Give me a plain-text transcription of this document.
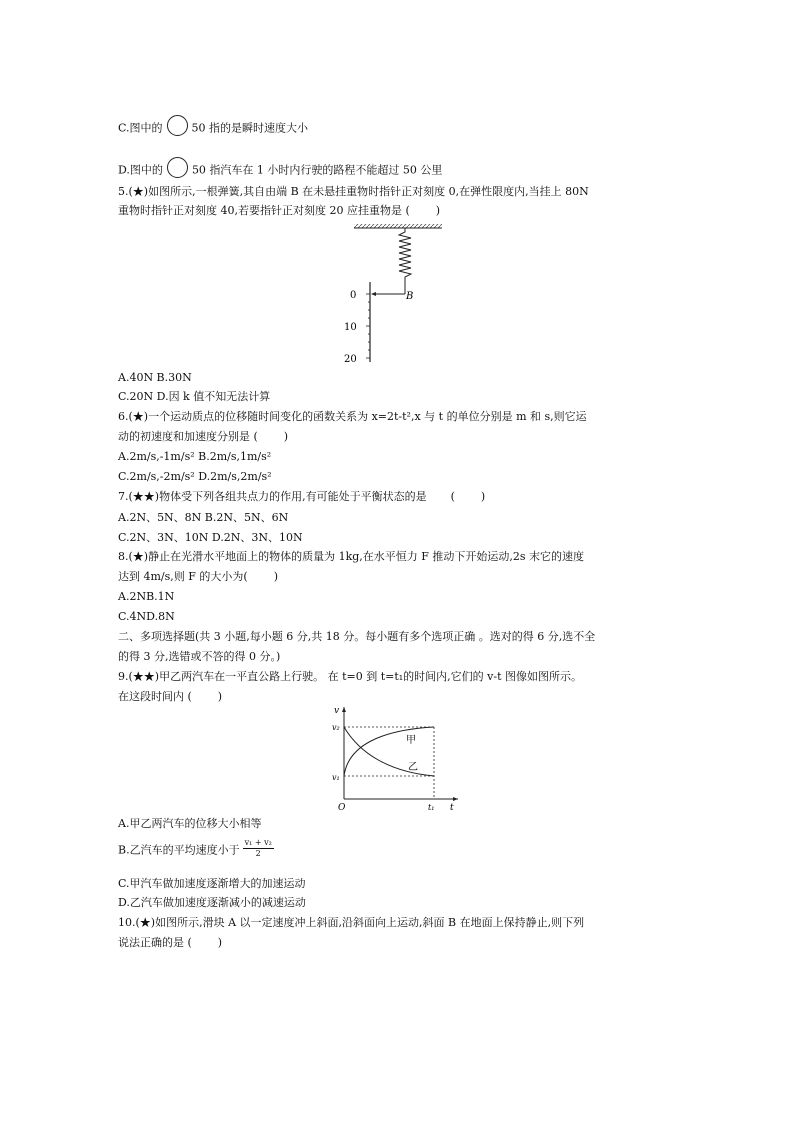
C.图中的	50 指的是瞬时速度大小
D.图中的	50 指汽车在 1 小时内行驶的路程不能超过 50 公里
5.(★)如图所示,一根弹簧,其自由端 B 在未悬挂重物时指针正对刻度 0,在弹性限度内,当挂上 80N
重物时指针正对刻度 40,若要指针正对刻度 20 应挂重物是 ( )
B
0
10
20
A.40N B.30N
C.20N D.因 k 值不知无法计算
6.(★)一个运动质点的位移随时间变化的函数关系为 x=2t-t²,x 与 t 的单位分别是 m 和 s,则它运
动的初速度和加速度分别是 ( )
A.2m/s,-1m/s² B.2m/s,1m/s²
C.2m/s,-2m/s² D.2m/s,2m/s²
7.(★★)物体受下列各组共点力的作用,有可能处于平衡状态的是 ( )
A.2N、5N、8N B.2N、5N、6N
C.2N、3N、10N D.2N、3N、10N
8.(★)静止在光滑水平地面上的物体的质量为 1kg,在水平恒力 F 推动下开始运动,2s 末它的速度
达到 4m/s,则 F 的大小为( )
A.2NB.1N
C.4ND.8N
二、多项选择题(共 3 小题,每小题 6 分,共 18 分。每小题有多个选项正确 。选对的得 6 分,选不全
的得 3 分,选错或不答的得 0 分。)
9.(★★)甲乙两汽车在一平直公路上行驶。 在 t=0 到 t=t₁的时间内,它们的 v-t 图像如图所示。
在这段时间内 ( )
v
t
O
v₂
v₁
t₁
甲
乙
A.甲乙两汽车的位移大小相等
B.乙汽车的平均速度小于 $\frac{\text{v₁ + v₂}}{2}$
C.甲汽车做加速度逐渐增大的加速运动
D.乙汽车做加速度逐渐减小的减速运动
10.(★)如图所示,滑块 A 以一定速度冲上斜面,沿斜面向上运动,斜面 B 在地面上保持静止,则下列
说法正确的是 ( )
